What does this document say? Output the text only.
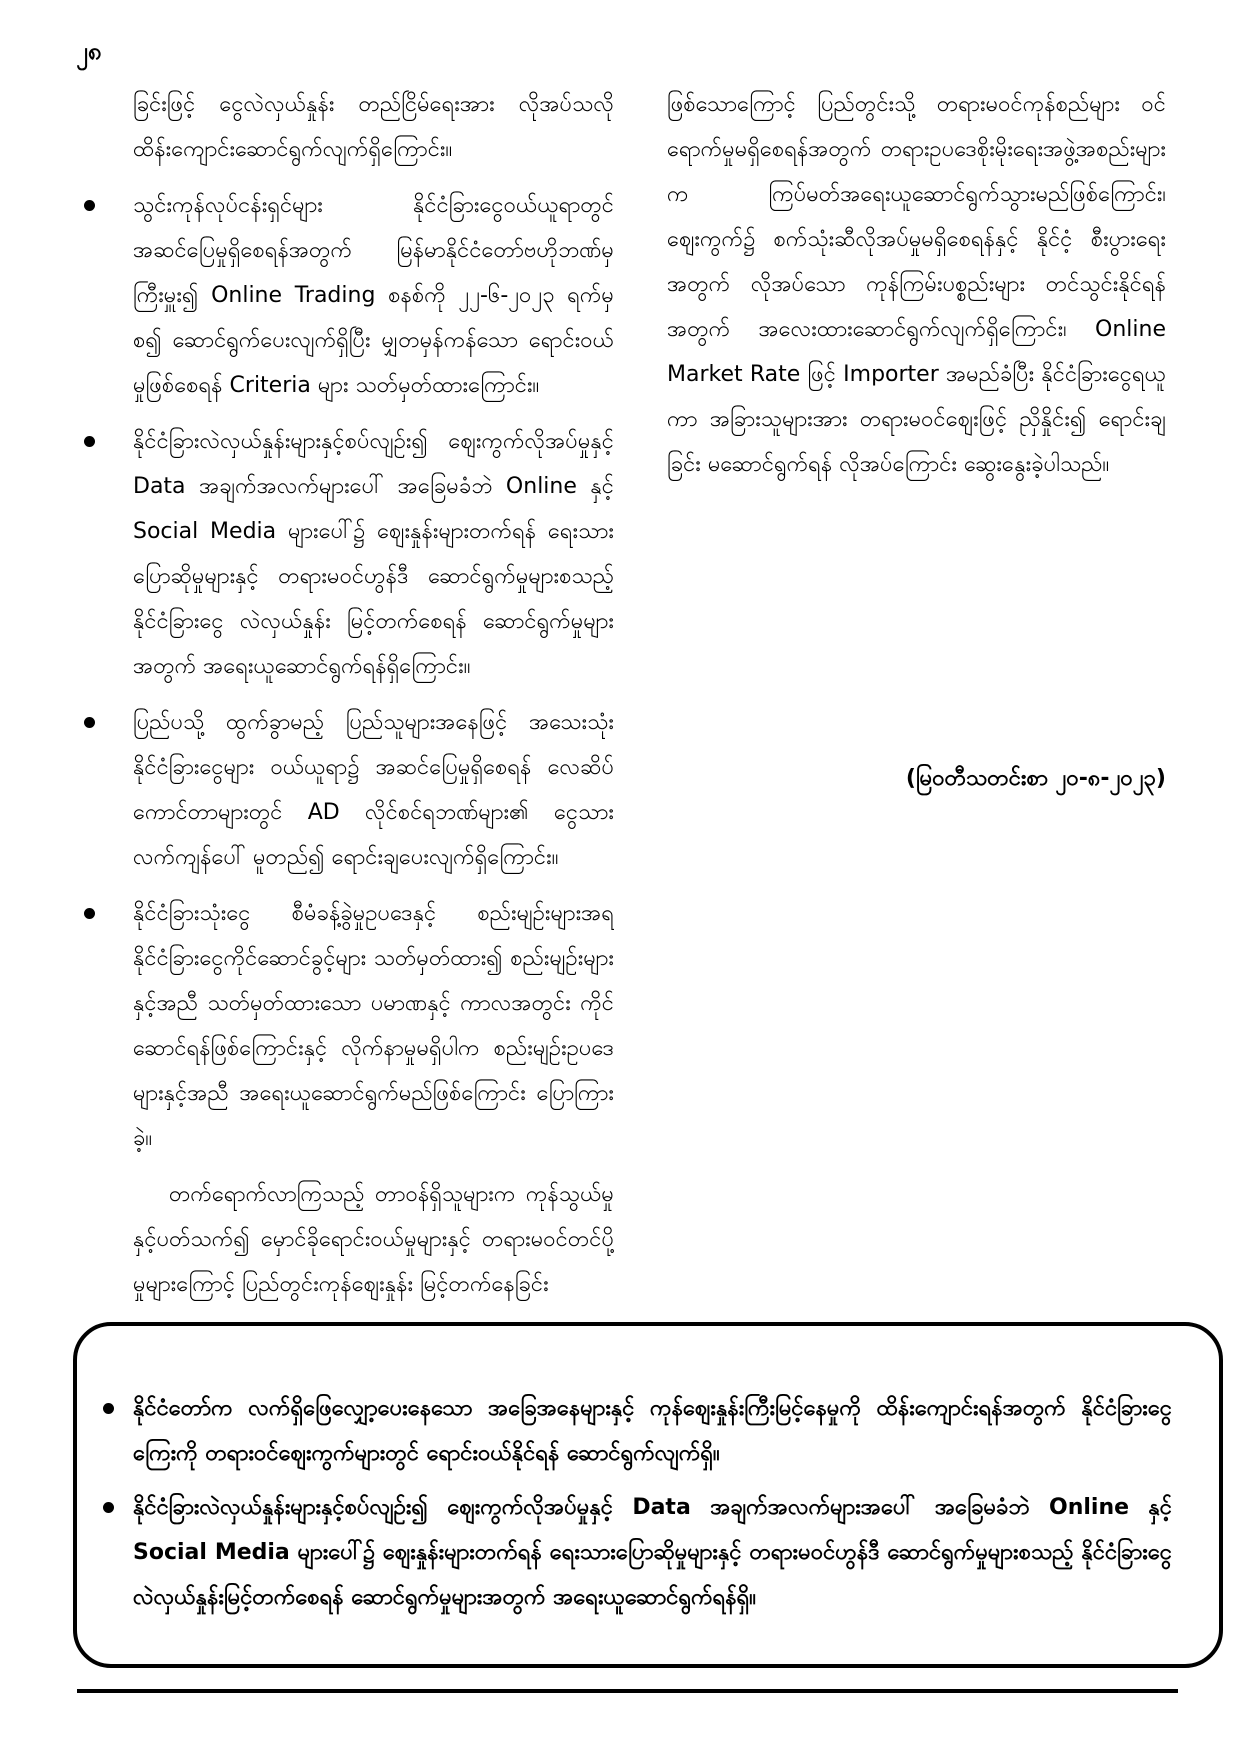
၂၈

ခြင်းဖြင့် ငွေလဲလှယ်နှုန်း တည်ငြိမ်ရေးအား လိုအပ်သလို ထိန်းကျောင်းဆောင်ရွက်လျက်ရှိကြောင်း။

သွင်းကုန်လုပ်ငန်းရှင်များ နိုင်ငံခြားငွေဝယ်ယူရာတွင် အဆင်ပြေမှုရှိစေရန်အတွက် မြန်မာနိုင်ငံတော်ဗဟိုဘဏ်မှ ကြီးမှူး၍ Online Trading စနစ်ကို ၂၂-၆-၂၀၂၃ ရက်မှစ၍ ဆောင်ရွက်ပေးလျက်ရှိပြီး မျှတမှန်ကန်သော ရောင်းဝယ်မှုဖြစ်စေရန် Criteria များ သတ်မှတ်ထားကြောင်း။
နိုင်ငံခြားလဲလှယ်နှုန်းများနှင့်စပ်လျဉ်း၍ ဈေးကွက်လိုအပ်မှုနှင့် Data အချက်အလက်များပေါ် အခြေမခံဘဲ Online နှင့် Social Media များပေါ်၌ ဈေးနှုန်းများတက်ရန် ရေးသားပြောဆိုမှုများနှင့် တရားမဝင်ဟွန်ဒီ ဆောင်ရွက်မှုများစသည့် နိုင်ငံခြားငွေ လဲလှယ်နှုန်း မြင့်တက်စေရန် ဆောင်ရွက်မှုများအတွက် အရေးယူဆောင်ရွက်ရန်ရှိကြောင်း။
ပြည်ပသို့ ထွက်ခွာမည့် ပြည်သူများအနေဖြင့် အသေးသုံး နိုင်ငံခြားငွေများ ဝယ်ယူရာ၌ အဆင်ပြေမှုရှိစေရန် လေဆိပ်ကောင်တာများတွင် AD လိုင်စင်ရဘဏ်များ၏ ငွေသားလက်ကျန်ပေါ် မူတည်၍ ရောင်းချပေးလျက်ရှိကြောင်း။
နိုင်ငံခြားသုံးငွေ စီမံခန့်ခွဲမှုဥပဒေနှင့် စည်းမျဉ်းများအရ နိုင်ငံခြားငွေကိုင်ဆောင်ခွင့်များ သတ်မှတ်ထား၍ စည်းမျဉ်းများနှင့်အညီ သတ်မှတ်ထားသော ပမာဏနှင့် ကာလအတွင်း ကိုင်ဆောင်ရန်ဖြစ်ကြောင်းနှင့် လိုက်နာမှုမရှိပါက စည်းမျဉ်းဥပဒေများနှင့်အညီ အရေးယူဆောင်ရွက်မည်ဖြစ်ကြောင်း ပြောကြားခဲ့။

တက်ရောက်လာကြသည့် တာဝန်ရှိသူများက ကုန်သွယ်မှုနှင့်ပတ်သက်၍ မှောင်ခိုရောင်းဝယ်မှုများနှင့် တရားမဝင်တင်ပို့မှုများကြောင့် ပြည်တွင်းကုန်ဈေးနှုန်း မြင့်တက်နေခြင်း

ဖြစ်သောကြောင့် ပြည်တွင်းသို့ တရားမဝင်ကုန်စည်များ ဝင်ရောက်မှုမရှိစေရန်အတွက် တရားဥပဒေစိုးမိုးရေးအဖွဲ့အစည်းများက ကြပ်မတ်အရေးယူဆောင်ရွက်သွားမည်ဖြစ်ကြောင်း၊ ဈေးကွက်၌ စက်သုံးဆီလိုအပ်မှုမရှိစေရန်နှင့် နိုင်ငံ့ စီးပွားရေးအတွက် လိုအပ်သော ကုန်ကြမ်းပစ္စည်းများ တင်သွင်းနိုင်ရန်အတွက် အလေးထားဆောင်ရွက်လျက်ရှိကြောင်း၊ Online Market Rate ဖြင့် Importer အမည်ခံပြီး နိုင်ငံခြားငွေရယူကာ အခြားသူများအား တရားမဝင်ဈေးဖြင့် ညှိနှိုင်း၍ ရောင်းချခြင်း မဆောင်ရွက်ရန် လိုအပ်ကြောင်း ဆွေးနွေးခဲ့ပါသည်။

(မြဝတီသတင်းစာ ၂၀-၈-၂၀၂၃)
နိုင်ငံတော်က လက်ရှိဖြေလျှော့ပေးနေသော အခြေအနေများနှင့် ကုန်ဈေးနှုန်းကြီးမြင့်နေမှုကို ထိန်းကျောင်းရန်အတွက် နိုင်ငံခြားငွေကြေးကို တရားဝင်ဈေးကွက်များတွင် ရောင်းဝယ်နိုင်ရန် ဆောင်ရွက်လျက်ရှိ။
နိုင်ငံခြားလဲလှယ်နှုန်းများနှင့်စပ်လျဉ်း၍ ဈေးကွက်လိုအပ်မှုနှင့် Data အချက်အလက်များအပေါ် အခြေမခံဘဲ Online နှင့် Social Media များပေါ်၌ ဈေးနှုန်းများတက်ရန် ရေးသားပြောဆိုမှုများနှင့် တရားမဝင်ဟွန်ဒီ ဆောင်ရွက်မှုများစသည့် နိုင်ငံခြားငွေလဲလှယ်နှုန်းမြင့်တက်စေရန် ဆောင်ရွက်မှုများအတွက် အရေးယူဆောင်ရွက်ရန်ရှိ။
